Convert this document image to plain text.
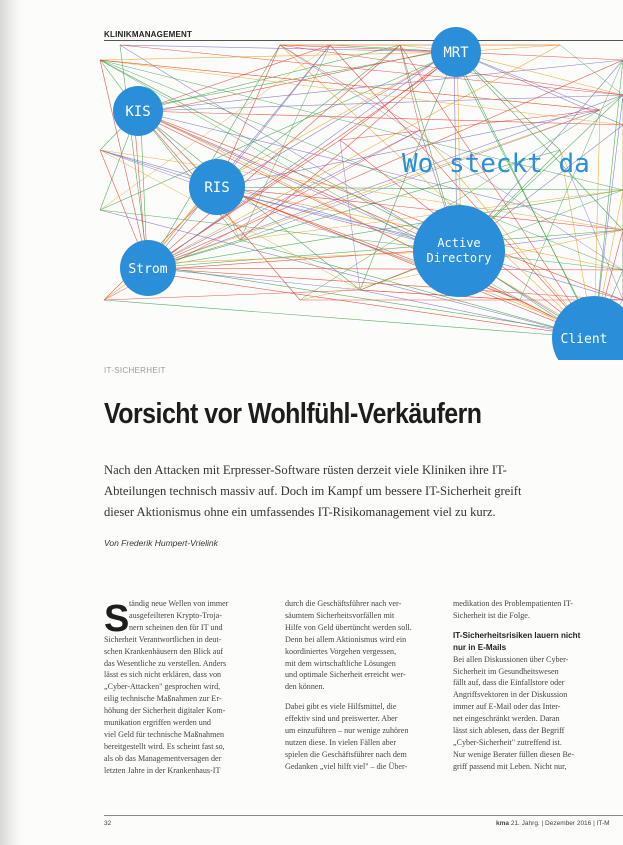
KLINIKMANAGEMENT
Wo steckt da
MRT
KIS
RIS
Strom
Active
Directory
Client
IT-SICHERHEIT
Vorsicht vor Wohlfühl-Verkäufern
Nach den Attacken mit Erpresser-Software rüsten derzeit viele Kliniken ihre IT-
Abteilungen technisch massiv auf. Doch im Kampf um bessere IT-Sicherheit greift
dieser Aktionismus ohne ein umfassendes IT-Risikomanagement viel zu kurz.
Von Frederik Humpert-Vrielink
S tändig neue Wellen von immer
ausgefeilteren Krypto-Troja-
nern scheinen den für IT und
Sicherheit Verantwortlichen in deut-
schen Krankenhäusern den Blick auf
das Wesentliche zu verstellen. Anders
lässt es sich nicht erklären, dass von
„Cyber-Attacken" gesprochen wird,
eilig technische Maßnahmen zur Er-
höhung der Sicherheit digitaler Kom-
munikation ergriffen werden und
viel Geld für technische Maßnahmen
bereitgestellt wird. Es scheint fast so,
als ob das Managementversagen der
letzten Jahre in der Krankenhaus-IT
durch die Geschäftsführer nach ver-
säumtem Sicherheitsvorfällen mit
Hilfe von Geld übertüncht werden soll.
Denn bei allem Aktionismus wird ein
koordiniertes Vorgehen vergessen,
mit dem wirtschaftliche Lösungen
und optimale Sicherheit erreicht wer-
den können.
Dabei gibt es viele Hilfsmittel, die
effektiv sind und preiswerter. Aber
um einzuführen – nur wenige zuhören
nutzen diese. In vielen Fällen aber
spielen die Geschäftsführer nach dem
Gedanken „viel hilft viel" – die Über-
medikation des Problempatienten IT-
Sicherheit ist die Folge.
IT-Sicherheitsrisiken lauern nicht
nur in E-Mails
Bei allen Diskussionen über Cyber-
Sicherheit im Gesundheitswesen
fällt auf, dass die Einfallstore oder
Angriffsvektoren in der Diskussion
immer auf E-Mail oder das Inter-
net eingeschränkt werden. Daran
lässt sich ablesen, dass der Begriff
„Cyber-Sicherheit" zutreffend ist.
Nur wenige Berater füllen diesen Be-
griff passend mit Leben. Nicht nur,
32	kma 21. Jahrg. | Dezember 2016 | IT-M
